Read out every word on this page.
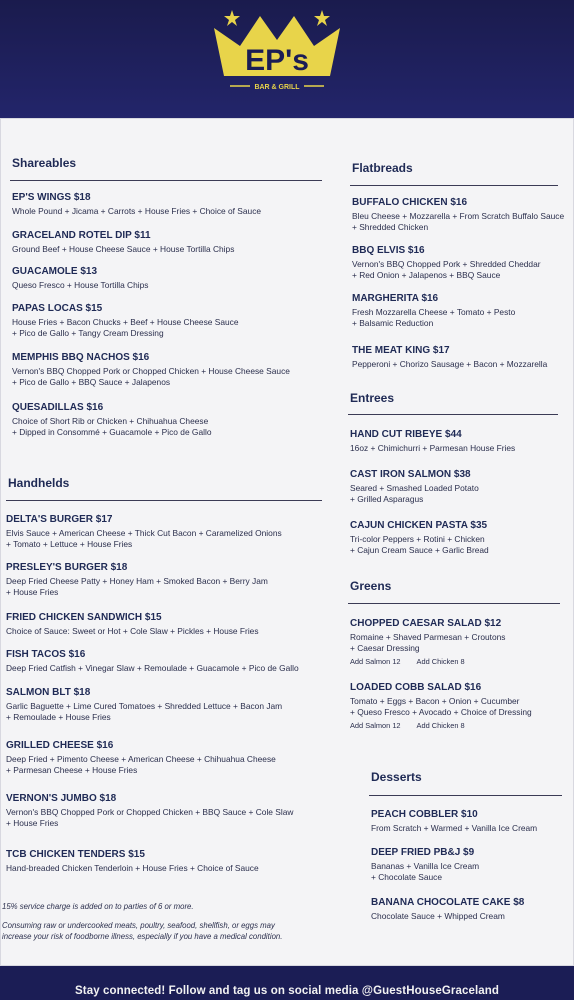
EP's
BAR & GRILL
Shareables
EP'S WINGS $18
Whole Pound + Jicama + Carrots + House Fries + Choice of Sauce
GRACELAND ROTEL DIP $11
Ground Beef + House Cheese Sauce + House Tortilla Chips
GUACAMOLE $13
Queso Fresco + House Tortilla Chips
PAPAS LOCAS $15
House Fries + Bacon Chucks + Beef + House Cheese Sauce
+ Pico de Gallo + Tangy Cream Dressing
MEMPHIS BBQ NACHOS $16
Vernon's BBQ Chopped Pork or Chopped Chicken + House Cheese Sauce
+ Pico de Gallo + BBQ Sauce + Jalapenos
QUESADILLAS $16
Choice of Short Rib or Chicken + Chihuahua Cheese
+ Dipped in Consommé + Guacamole + Pico de Gallo
Handhelds
DELTA'S BURGER $17
Elvis Sauce + American Cheese + Thick Cut Bacon + Caramelized Onions
+ Tomato + Lettuce + House Fries
PRESLEY'S BURGER $18
Deep Fried Cheese Patty + Honey Ham + Smoked Bacon + Berry Jam
+ House Fries
FRIED CHICKEN SANDWICH $15
Choice of Sauce: Sweet or Hot + Cole Slaw + Pickles + House Fries
FISH TACOS $16
Deep Fried Catfish + Vinegar Slaw + Remoulade + Guacamole + Pico de Gallo
SALMON BLT $18
Garlic Baguette + Lime Cured Tomatoes + Shredded Lettuce + Bacon Jam
+ Remoulade + House Fries
GRILLED CHEESE $16
Deep Fried + Pimento Cheese + American Cheese + Chihuahua Cheese
+ Parmesan Cheese + House Fries
VERNON'S JUMBO $18
Vernon's BBQ Chopped Pork or Chopped Chicken + BBQ Sauce + Cole Slaw
+ House Fries
TCB CHICKEN TENDERS $15
Hand-breaded Chicken Tenderloin + House Fries + Choice of Sauce
15% service charge is added on to parties of 6 or more.
Consuming raw or undercooked meats, poultry, seafood, shellfish, or eggs may
increase your risk of foodborne illness, especially if you have a medical condition.
Flatbreads
BUFFALO CHICKEN $16
Bleu Cheese + Mozzarella + From Scratch Buffalo Sauce
+ Shredded Chicken
BBQ ELVIS $16
Vernon's BBQ Chopped Pork + Shredded Cheddar
+ Red Onion + Jalapenos + BBQ Sauce
MARGHERITA $16
Fresh Mozzarella Cheese + Tomato + Pesto
+ Balsamic Reduction
THE MEAT KING $17
Pepperoni + Chorizo Sausage + Bacon + Mozzarella
Entrees
HAND CUT RIBEYE $44
16oz + Chimichurri + Parmesan House Fries
CAST IRON SALMON $38
Seared + Smashed Loaded Potato
+ Grilled Asparagus
CAJUN CHICKEN PASTA $35
Tri-color Peppers + Rotini + Chicken
+ Cajun Cream Sauce + Garlic Bread
Greens
CHOPPED CAESAR SALAD $12
Romaine + Shaved Parmesan + Croutons
+ Caesar Dressing
Add Salmon 12 Add Chicken 8
LOADED COBB SALAD $16
Tomato + Eggs + Bacon + Onion + Cucumber
+ Queso Fresco + Avocado + Choice of Dressing
Add Salmon 12 Add Chicken 8
Desserts
PEACH COBBLER $10
From Scratch + Warmed + Vanilla Ice Cream
DEEP FRIED PB&J $9
Bananas + Vanilla Ice Cream
+ Chocolate Sauce
BANANA CHOCOLATE CAKE $8
Chocolate Sauce + Whipped Cream
Stay connected! Follow and tag us on social media @GuestHouseGraceland
